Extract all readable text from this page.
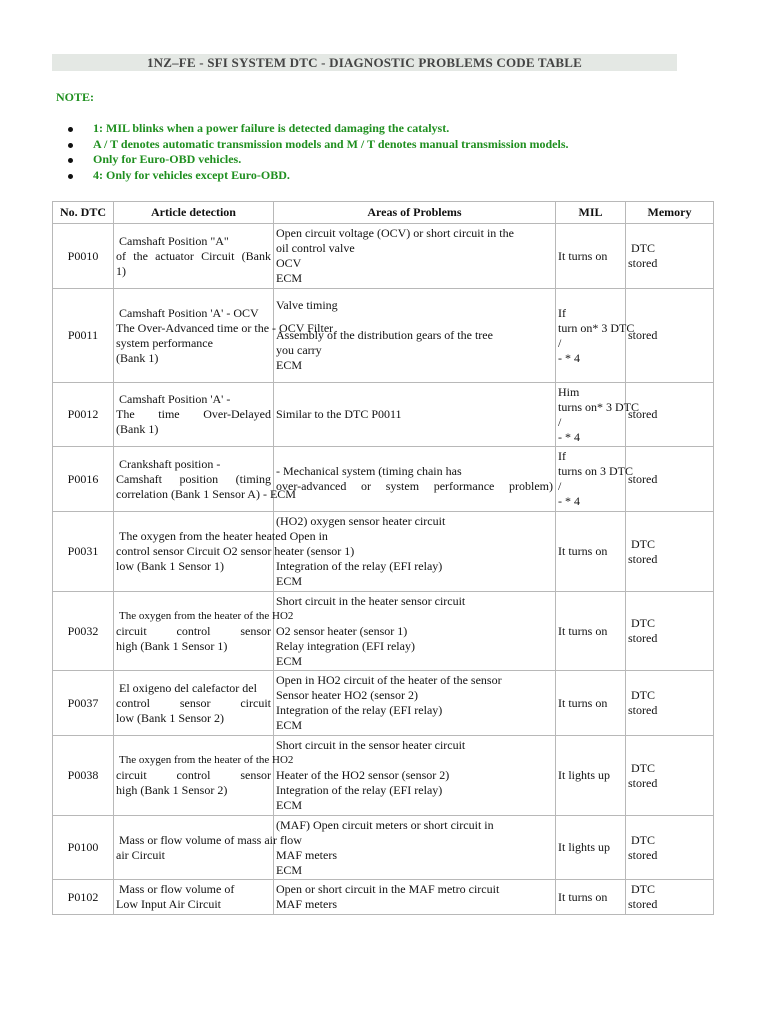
1NZ–FE - SFI SYSTEM DTC - DIAGNOSTIC PROBLEMS CODE TABLE
NOTE:
1: MIL blinks when a power failure is detected damaging the catalyst.
A / T denotes automatic transmission models and M / T denotes manual transmission models.
Only for Euro-OBD vehicles.
4: Only for vehicles except Euro-OBD.
No. DTC	Article detection	Areas of Problems	MIL	Memory
P0010	Camshaft Position "A"
of the actuator Circuit (Bank
1)	Open circuit voltage (OCV) or short circuit in the
oil control valve
OCV
ECM	It turns on	DTC
stored

P0011	Camshaft Position 'A' - OCV
The Over-Advanced time or the - OCV Filter
system performance
(Bank 1)	Valve timing

Assembly of the distribution gears of the tree
you carry
ECM	If
turn on* 3 DTC
/
- * 4	stored

P0012	Camshaft Position 'A' -
The time Over-Delayed
(Bank 1)	Similar to the DTC P0011	Him
turns on* 3 DTC
/
- * 4	stored

P0016	Crankshaft position -
Camshaft position (timing
correlation (Bank 1 Sensor A) - ECM	- Mechanical system (timing chain has
over-advanced or system performance problem)	If
turns on 3 DTC
/
- * 4	stored

P0031	The oxygen from the heater heated Open in
control sensor Circuit O2 sensor heater (sensor 1)
low (Bank 1 Sensor 1)	(HO2) oxygen sensor heater circuit

Integration of the relay (EFI relay)
ECM	It turns on	DTC
stored

P0032	The oxygen from the heater of the HO2
circuit control sensor
high (Bank 1 Sensor 1)	Short circuit in the heater sensor circuit

O2 sensor heater (sensor 1)
Relay integration (EFI relay)
ECM	It turns on	DTC
stored

P0037	El oxigeno del calefactor del
control sensor circuit
low (Bank 1 Sensor 2)	Open in HO2 circuit of the heater of the sensor
Sensor heater HO2 (sensor 2)
Integration of the relay (EFI relay)
ECM	It turns on	DTC
stored

P0038	The oxygen from the heater of the HO2
circuit control sensor
high (Bank 1 Sensor 2)	Short circuit in the sensor heater circuit

Heater of the HO2 sensor (sensor 2)
Integration of the relay (EFI relay)
ECM	It lights up	DTC
stored

P0100	Mass or flow volume of mass air flow
air Circuit	(MAF) Open circuit meters or short circuit in

MAF meters
ECM	It lights up	DTC
stored

P0102	Mass or flow volume of
Low Input Air Circuit	Open or short circuit in the MAF metro circuit
MAF meters	It turns on	DTC
stored
